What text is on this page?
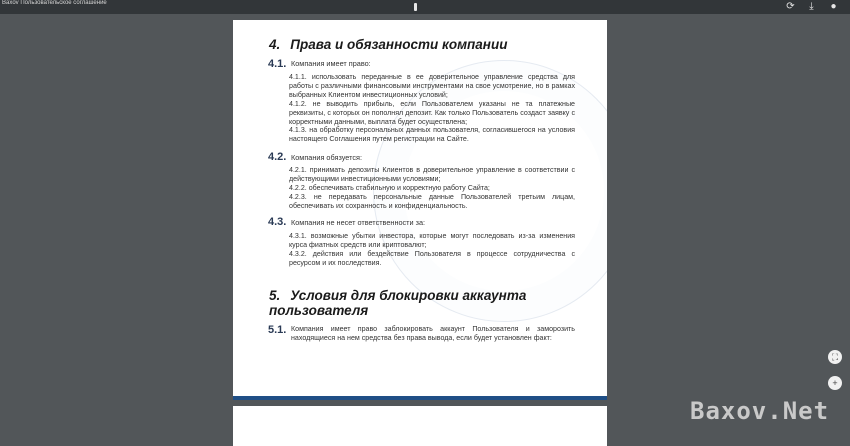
Baxov Пользовательское соглашение	⟳	⤓	●
4. Права и обязанности компании
4.1. Компания имеет право:
4.1.1. использовать переданные в ее доверительное управление средства для работы с различными финансовыми инструментами на свое усмотрение, но в рамках выбранных Клиентом инвестиционных условий;
4.1.2. не выводить прибыль, если Пользователем указаны не та платежные реквизиты, с которых он пополнял депозит. Как только Пользователь создаст заявку с корректными данными, выплата будет осуществлена;
4.1.3. на обработку персональных данных пользователя, согласившегося на условия настоящего Соглашения путем регистрации на Сайте.
4.2. Компания обязуется:
4.2.1. принимать депозиты Клиентов в доверительное управление в соответствии с действующими инвестиционными условиями;
4.2.2. обеспечивать стабильную и корректную работу Сайта;
4.2.3. не передавать персональные данные Пользователей третьим лицам, обеспечивать их сохранность и конфиденциальность.
4.3. Компания не несет ответственности за:
4.3.1. возможные убытки инвестора, которые могут последовать из-за изменения курса фиатных средств или криптовалют;
4.3.2. действия или бездействие Пользователя в процессе сотрудничества с ресурсом и их последствия.
5. Условия для блокировки аккаунта
пользователя
5.1. Компания имеет право заблокировать аккаунт Пользователя и заморозить находящиеся на нем средства без права вывода, если будет установлен факт:
⛶
+
Baxov.Net
